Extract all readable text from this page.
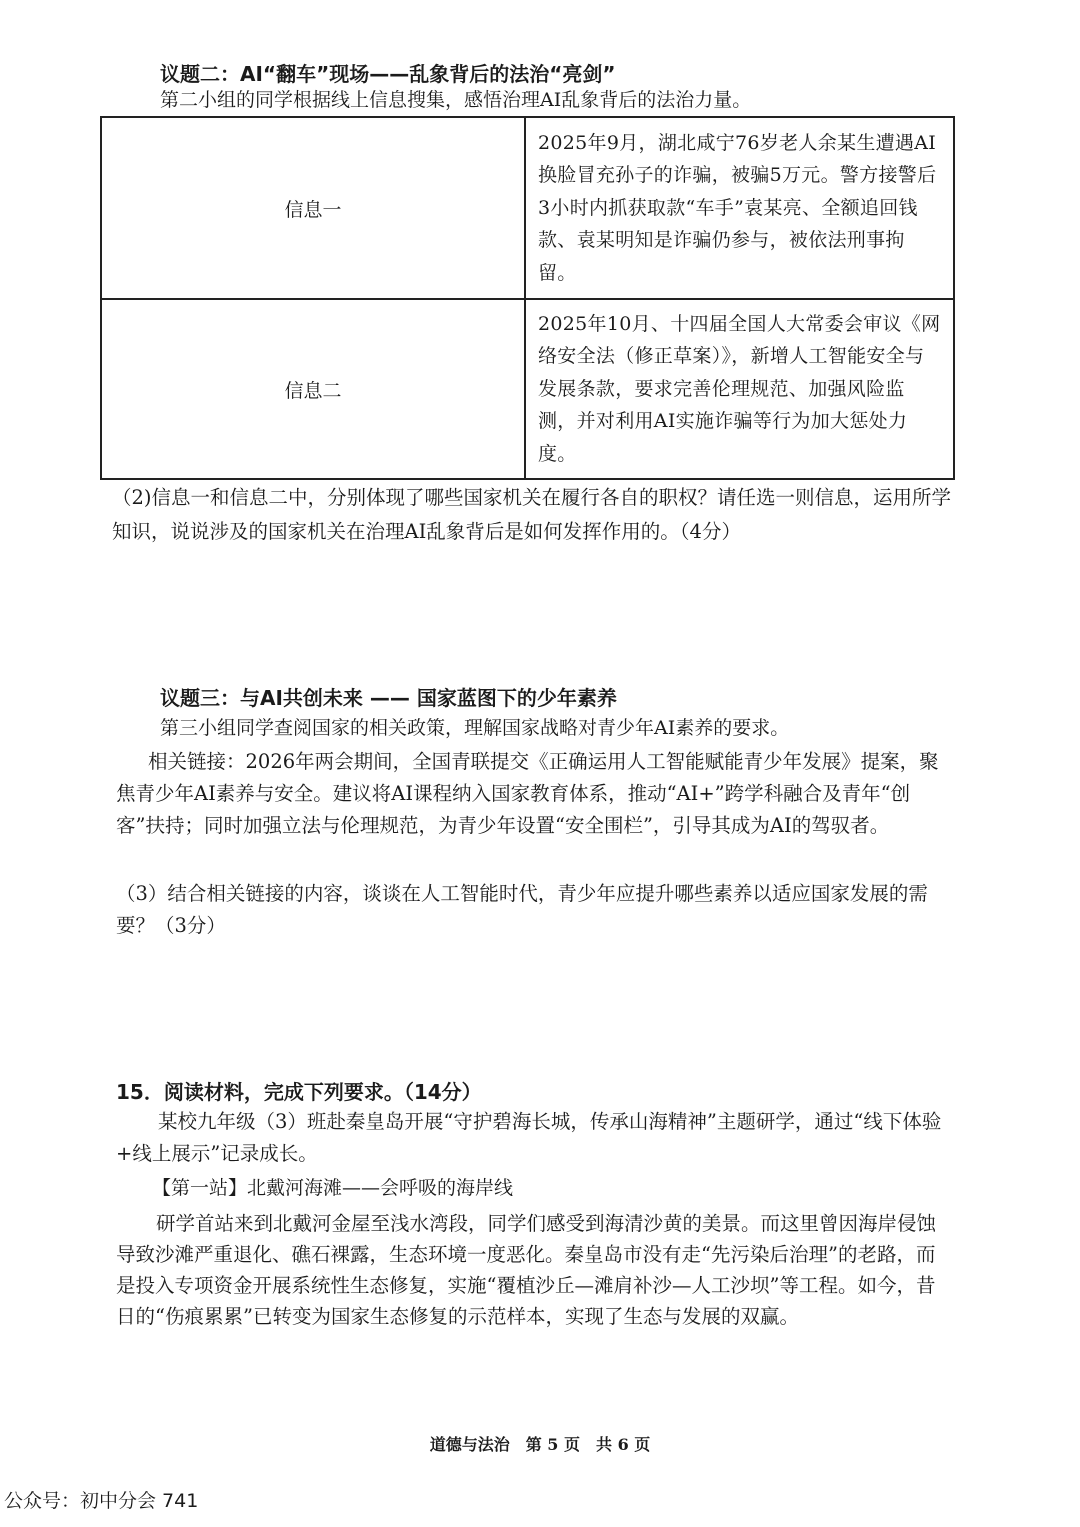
议题二：AI“翻车”现场——乱象背后的法治“亮剑”
第二小组的同学根据线上信息搜集，感悟治理AI乱象背后的法治力量。
信息一	2025年9月，湖北咸宁76岁老人余某生遭遇AI换脸冒充孙子的诈骗，被骗5万元。警方接警后3小时内抓获取款“车手”袁某亮、全额追回钱款、袁某明知是诈骗仍参与，被依法刑事拘留。
信息二	2025年10月、十四届全国人大常委会审议《网络安全法（修正草案）》，新增人工智能安全与发展条款，要求完善伦理规范、加强风险监测，并对利用AI实施诈骗等行为加大惩处力度。
（2)信息一和信息二中，分别体现了哪些国家机关在履行各自的职权？请任选一则信息，运用所学知识，说说涉及的国家机关在治理AI乱象背后是如何发挥作用的。（4分）
议题三：与AI共创未来 —— 国家蓝图下的少年素养
第三小组同学查阅国家的相关政策，理解国家战略对青少年AI素养的要求。
相关链接：2026年两会期间，全国青联提交《正确运用人工智能赋能青少年发展》提案，聚焦青少年AI素养与安全。建议将AI课程纳入国家教育体系，推动“AI+”跨学科融合及青年“创客”扶持；同时加强立法与伦理规范，为青少年设置“安全围栏”，引导其成为AI的驾驭者。
（3）结合相关链接的内容，谈谈在人工智能时代，青少年应提升哪些素养以适应国家发展的需要？（3分）
15．阅读材料，完成下列要求。（14分）
某校九年级（3）班赴秦皇岛开展“守护碧海长城，传承山海精神”主题研学，通过“线下体验+线上展示”记录成长。
【第一站】北戴河海滩——会呼吸的海岸线
研学首站来到北戴河金屋至浅水湾段，同学们感受到海清沙黄的美景。而这里曾因海岸侵蚀导致沙滩严重退化、礁石裸露，生态环境一度恶化。秦皇岛市没有走“先污染后治理”的老路，而是投入专项资金开展系统性生态修复，实施“覆植沙丘—滩肩补沙—人工沙坝”等工程。如今，昔日的“伤痕累累”已转变为国家生态修复的示范样本，实现了生态与发展的双赢。
道德与法治　第 5 页　共 6 页
公众号：初中分会 741
